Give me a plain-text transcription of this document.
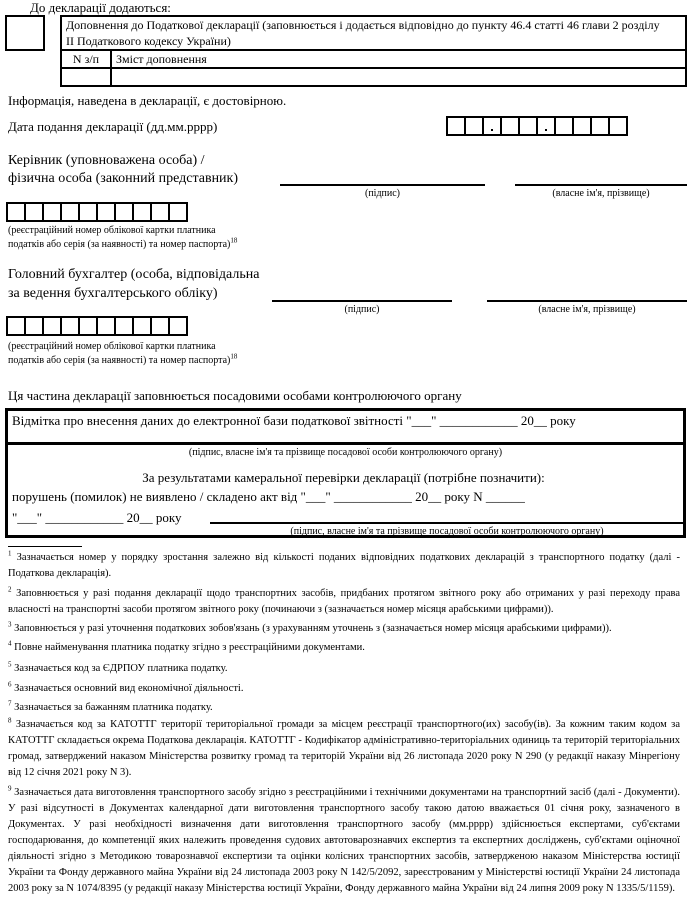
До декларації додаються:
Доповнення до Податкової декларації (заповнюється і додається відповідно до пункту 46.4 статті 46 глави 2 розділу
II Податкового кодексу України)	
N з/п	Зміст доповнення

Інформація, наведена в декларації, є достовірною.
Дата подання декларації (дд.мм.рррр)
Керівник (уповноважена особа) /
фізична особа (законний представник)
(підпис)	(власне ім'я, прізвище)
(реєстраційний номер облікової картки платника
податків або серія (за наявності) та номер паспорта)$^{18}$
Головний бухгалтер (особа, відповідальна
за ведення бухгалтерського обліку)
(підпис)	(власне ім'я, прізвище)
(реєстраційний номер облікової картки платника
податків або серія (за наявності) та номер паспорта)$^{18}$
Ця частина декларації заповнюється посадовими особами контролюючого органу
Відмітка про внесення даних до електронної бази податкової звітності "___" ____________ 20__ року
(підпис, власне ім'я та прізвище посадової особи контролюючого органу)
За результатами камеральної перевірки декларації (потрібне позначити):
порушень (помилок) не виявлено / складено акт від "___" ____________ 20__ року N ______
"___" ____________ 20__ року
(підпис, власне ім'я та прізвище посадової особи контролюючого органу)
$^1$ Зазначається номер у порядку зростання залежно від кількості поданих відповідних податкових декларацій з транспортного податку (далі - Податкова декларація).
$^2$ Заповнюється у разі подання декларації щодо транспортних засобів, придбаних протягом звітного року або отриманих у разі переходу права власності на транспортні засоби протягом звітного року (починаючи з (зазначається номер місяця арабськими цифрами)).
$^3$ Заповнюється у разі уточнення податкових зобов'язань (з урахуванням уточнень з (зазначається номер місяця арабськими цифрами)).
$^4$ Повне найменування платника податку згідно з реєстраційними документами.
$^5$ Зазначається код за ЄДРПОУ платника податку.
$^6$ Зазначається основний вид економічної діяльності.
$^7$ Зазначається за бажанням платника податку.
$^8$ Зазначається код за КАТОТТГ території територіальної громади за місцем реєстрації транспортного(их) засобу(ів). За кожним таким кодом за КАТОТТГ складається окрема Податкова декларація. КАТОТТГ - Кодифікатор адміністративно-територіальних одиниць та територій територіальних громад, затверджений наказом Міністерства розвитку громад та територій України від 26 листопада 2020 року N 290 (у редакції наказу Мінрегіону від 12 січня 2021 року N 3).
$^9$ Зазначається дата виготовлення транспортного засобу згідно з реєстраційними і технічними документами на транспортний засіб (далі - Документи). У разі відсутності в Документах календарної дати виготовлення транспортного засобу такою датою вважається 01 січня року, зазначеного в Документах. У разі необхідності визначення дати виготовлення транспортного засобу (мм.рррр) здійснюється експертами, суб'єктами господарювання, до компетенції яких належить проведення судових автотоварознавчих експертиз та експертних досліджень, суб'єктами оціночної діяльності згідно з Методикою товарознавчої експертизи та оцінки колісних транспортних засобів, затвердженою наказом Міністерства юстиції України та Фонду державного майна України від 24 листопада 2003 року N 142/5/2092, зареєстрованим у Міністерстві юстиції України 24 листопада 2003 року за N 1074/8395 (у редакції наказу Міністерства юстиції України, Фонду державного майна України від 24 липня 2009 року N 1335/5/1159).
